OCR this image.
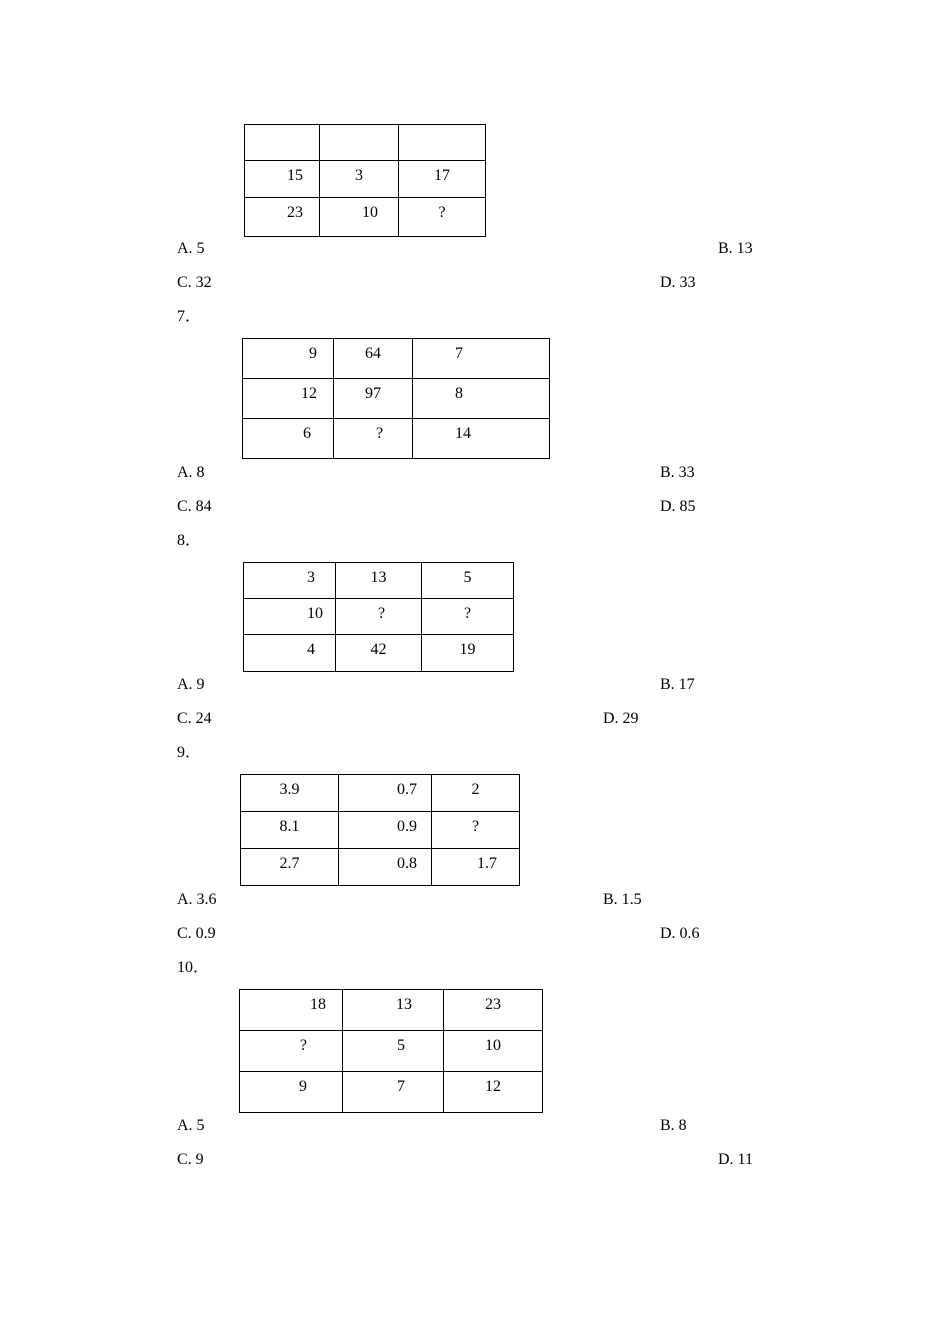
15	3	17
23	10	?
A. 5	B. 13
C. 32	D. 33
7．
9	64	7
12	97	8
6	?	14
A. 8	B. 33
C. 84	D. 85
8．
3	13	5
10	?	?
4	42	19
A. 9	B. 17
C. 24	D. 29
9．
3.9	0.7	2
8.1	0.9	?
2.7	0.8	1.7
A. 3.6	B. 1.5
C. 0.9	D. 0.6
10．
18	13	23
?	5	10
9	7	12
A. 5	B. 8
C. 9	D. 11
